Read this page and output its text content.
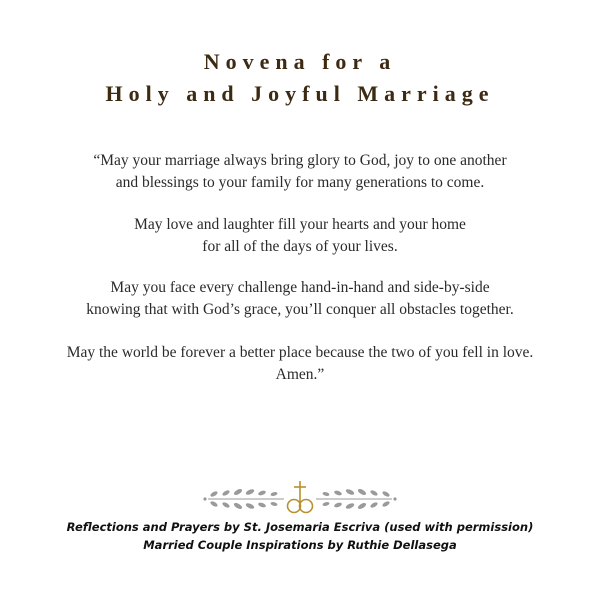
Novena for a
Holy and Joyful Marriage
“May your marriage always bring glory to God, joy to one another
and blessings to your family for many generations to come.
May love and laughter fill your hearts and your home
for all of the days of your lives.
May you face every challenge hand-in-hand and side-by-side
knowing that with God’s grace, you’ll conquer all obstacles together.
May the world be forever a better place because the two of you fell in love.
Amen.”
Reflections and Prayers by St. Josemaria Escriva (used with permission)
Married Couple Inspirations by Ruthie Dellasega
